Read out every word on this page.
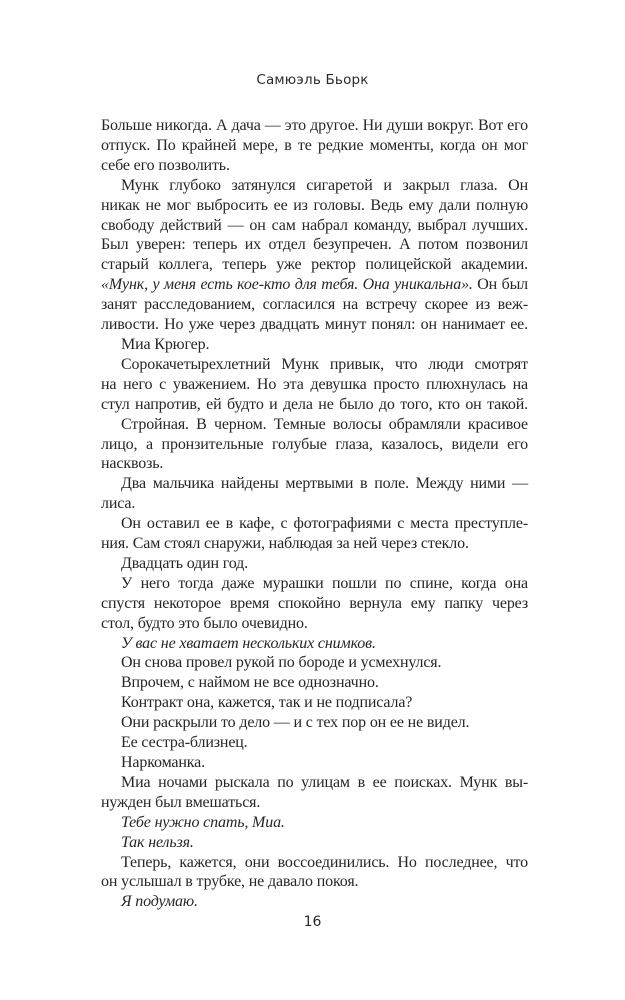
Самюэль Бьорк
Больше никогда. А дача — это другое. Ни души вокруг. Вот его
отпуск. По крайней мере, в те редкие моменты, когда он мог
себе его позволить.
Мунк глубоко затянулся сигаретой и закрыл глаза. Он
никак не мог выбросить ее из головы. Ведь ему дали полную
свободу действий — он сам набрал команду, выбрал лучших.
Был уверен: теперь их отдел безупречен. А потом позвонил
старый коллега, теперь уже ректор полицейской академии.
«Мунк, у меня есть кое-кто для тебя. Она уникальна». Он был
занят расследованием, согласился на встречу скорее из веж-
ливости. Но уже через двадцать минут понял: он нанимает ее.
Миа Крюгер.
Сорокачетырехлетний Мунк привык, что люди смотрят
на него с уважением. Но эта девушка просто плюхнулась на
стул напротив, ей будто и дела не было до того, кто он такой.
Стройная. В черном. Темные волосы обрамляли красивое
лицо, а пронзительные голубые глаза, казалось, видели его
насквозь.
Два мальчика найдены мертвыми в поле. Между ними —
лиса.
Он оставил ее в кафе, с фотографиями с места преступле-
ния. Сам стоял снаружи, наблюдая за ней через стекло.
Двадцать один год.
У него тогда даже мурашки пошли по спине, когда она
спустя некоторое время спокойно вернула ему папку через
стол, будто это было очевидно.
У вас не хватает нескольких снимков.
Он снова провел рукой по бороде и усмехнулся.
Впрочем, с наймом не все однозначно.
Контракт она, кажется, так и не подписала?
Они раскрыли то дело — и с тех пор он ее не видел.
Ее сестра-близнец.
Наркоманка.
Миа ночами рыскала по улицам в ее поисках. Мунк вы-
нужден был вмешаться.
Тебе нужно спать, Миа.
Так нельзя.
Теперь, кажется, они воссоединились. Но последнее, что
он услышал в трубке, не давало покоя.
Я подумаю.
16
